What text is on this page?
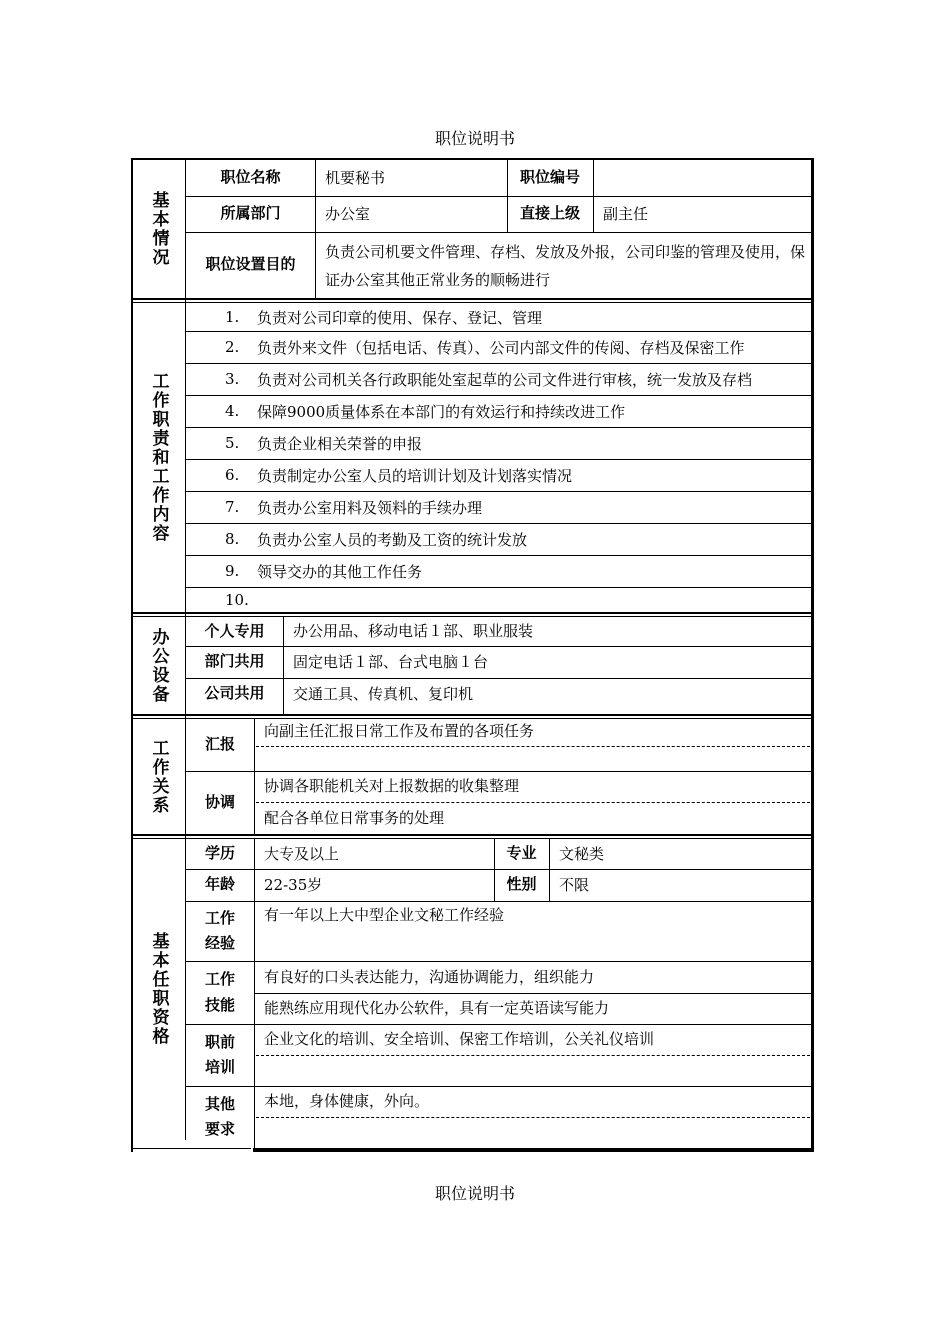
职位说明书
基本情况
职位名称	机要秘书	职位编号
所属部门	办公室	直接上级	副主任
职位设置目的
负责公司机要文件管理、存档、发放及外报，公司印鉴的管理及使用，保证办公室其他正常业务的顺畅进行
工作职责和工作内容
1.	负责对公司印章的使用、保存、登记、管理
2.	负责外来文件（包括电话、传真）、公司内部文件的传阅、存档及保密工作
3.	负责对公司机关各行政职能处室起草的公司文件进行审核，统一发放及存档
4.	保障9000质量体系在本部门的有效运行和持续改进工作
5.	负责企业相关荣誉的申报
6.	负责制定办公室人员的培训计划及计划落实情况
7.	负责办公室用料及领料的手续办理
8.	负责办公室人员的考勤及工资的统计发放
9.	领导交办的其他工作任务
10.
办公设备	个人专用	办公用品、移动电话１部、职业服装
部门共用	固定电话１部、台式电脑１台
公司共用	交通工具、传真机、复印机
工作关系	汇报
向副主任汇报日常工作及布置的各项任务
协调
协调各职能机关对上报数据的收集整理
配合各单位日常事务的处理
基本任职资格
学历	大专及以上	专业	文秘类
年龄	22-35岁	性别	不限
工作
经验
有一年以上大中型企业文秘工作经验
工作
技能
有良好的口头表达能力，沟通协调能力，组织能力
能熟练应用现代化办公软件，具有一定英语读写能力
职前
培训
企业文化的培训、安全培训、保密工作培训，公关礼仪培训
其他
要求
本地，身体健康，外向。
职位说明书
